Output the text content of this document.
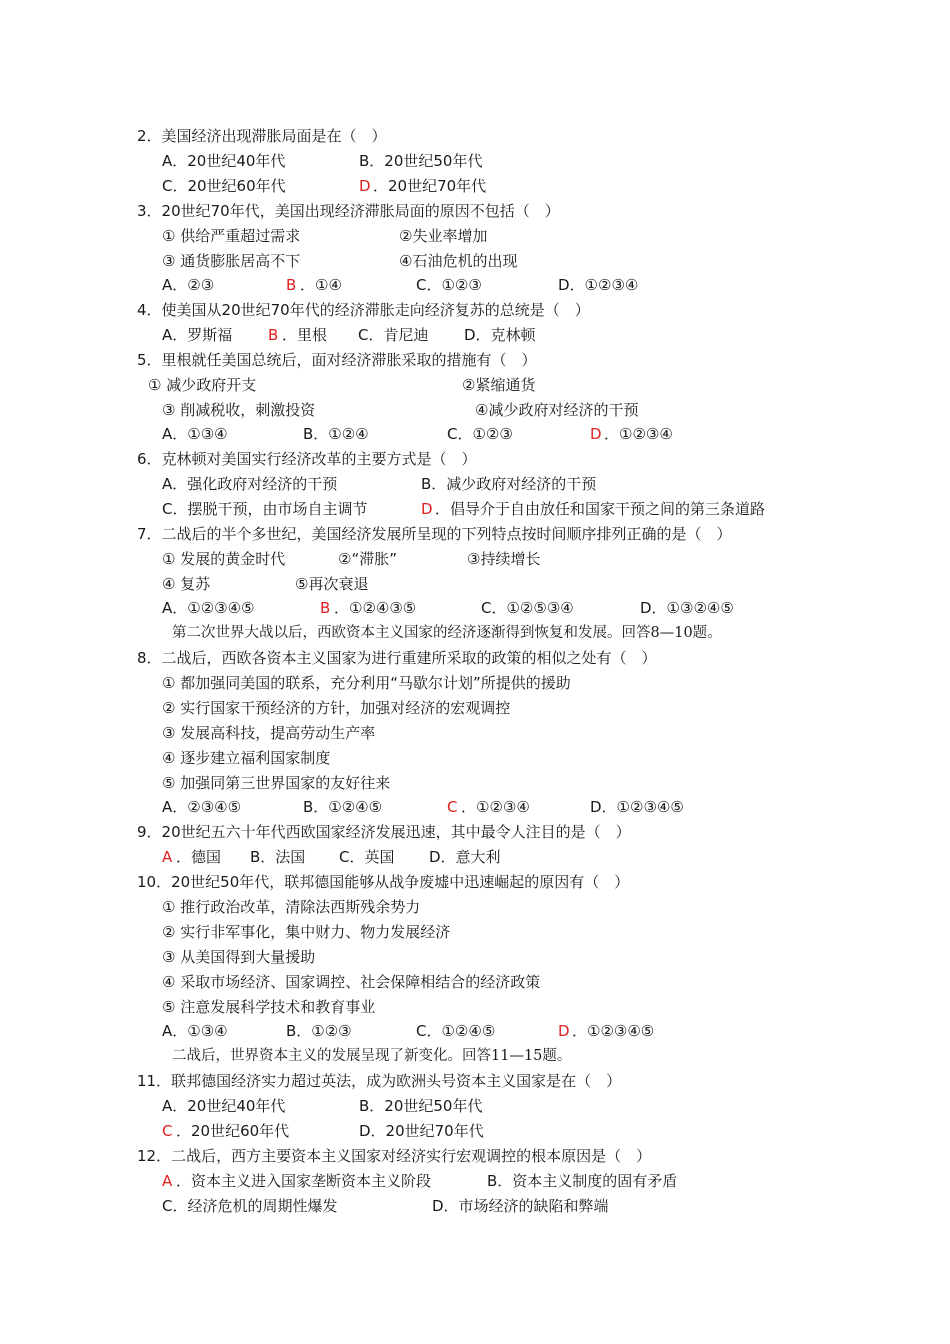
2．美国经济出现滞胀局面是在（　）
A．20世纪40年代	B．20世纪50年代
C．20世纪60年代	D ．20世纪70年代
3．20世纪70年代，美国出现经济滞胀局面的原因不包括（　）
① 供给严重超过需求	②失业率增加
③ 通货膨胀居高不下	④石油危机的出现
A．②③	B ．①④	C．①②③	D．①②③④
4．使美国从20世纪70年代的经济滞胀走向经济复苏的总统是（　）
A．罗斯福 B ．里根 C．肯尼迪 D．克林顿
5．里根就任美国总统后，面对经济滞胀采取的措施有（　）
① 减少政府开支	②紧缩通货
③ 削减税收，刺激投资	④减少政府对经济的干预
A．①③④	B．①②④	C．①②③	D ．①②③④
6．克林顿对美国实行经济改革的主要方式是（　）
A．强化政府对经济的干预	B．减少政府对经济的干预
C．摆脱干预，由市场自主调节	D ．倡导介于自由放任和国家干预之间的第三条道路
7．二战后的半个多世纪，美国经济发展所呈现的下列特点按时间顺序排列正确的是（　）
① 发展的黄金时代	②“滞胀”	③持续增长
④ 复苏	⑤再次衰退
A．①②③④⑤	B ．①②④③⑤	C．①②⑤③④	D．①③②④⑤
第二次世界大战以后，西欧资本主义国家的经济逐渐得到恢复和发展。回答8—10题。
8．二战后，西欧各资本主义国家为进行重建所采取的政策的相似之处有（　）
① 都加强同美国的联系，充分利用“马歇尔计划”所提供的援助
② 实行国家干预经济的方针，加强对经济的宏观调控
③ 发展高科技，提高劳动生产率
④ 逐步建立福利国家制度
⑤ 加强同第三世界国家的友好往来
A．②③④⑤	B．①②④⑤	C ．①②③④	D．①②③④⑤
9．20世纪五六十年代西欧国家经济发展迅速，其中最令人注目的是（　）
A ．德国 B．法国 C．英国 D．意大利
10．20世纪50年代，联邦德国能够从战争废墟中迅速崛起的原因有（　）
① 推行政治改革，清除法西斯残余势力
② 实行非军事化，集中财力、物力发展经济
③ 从美国得到大量援助
④ 采取市场经济、国家调控、社会保障相结合的经济政策
⑤ 注意发展科学技术和教育事业
A．①③④	B．①②③	C．①②④⑤	D ．①②③④⑤
二战后，世界资本主义的发展呈现了新变化。回答11—15题。
11．联邦德国经济实力超过英法，成为欧洲头号资本主义国家是在（　）
A．20世纪40年代	B．20世纪50年代
C ．20世纪60年代	D．20世纪70年代
12．二战后，西方主要资本主义国家对经济实行宏观调控的根本原因是（　）
A ．资本主义进入国家垄断资本主义阶段	B．资本主义制度的固有矛盾
C．经济危机的周期性爆发	D．市场经济的缺陷和弊端
